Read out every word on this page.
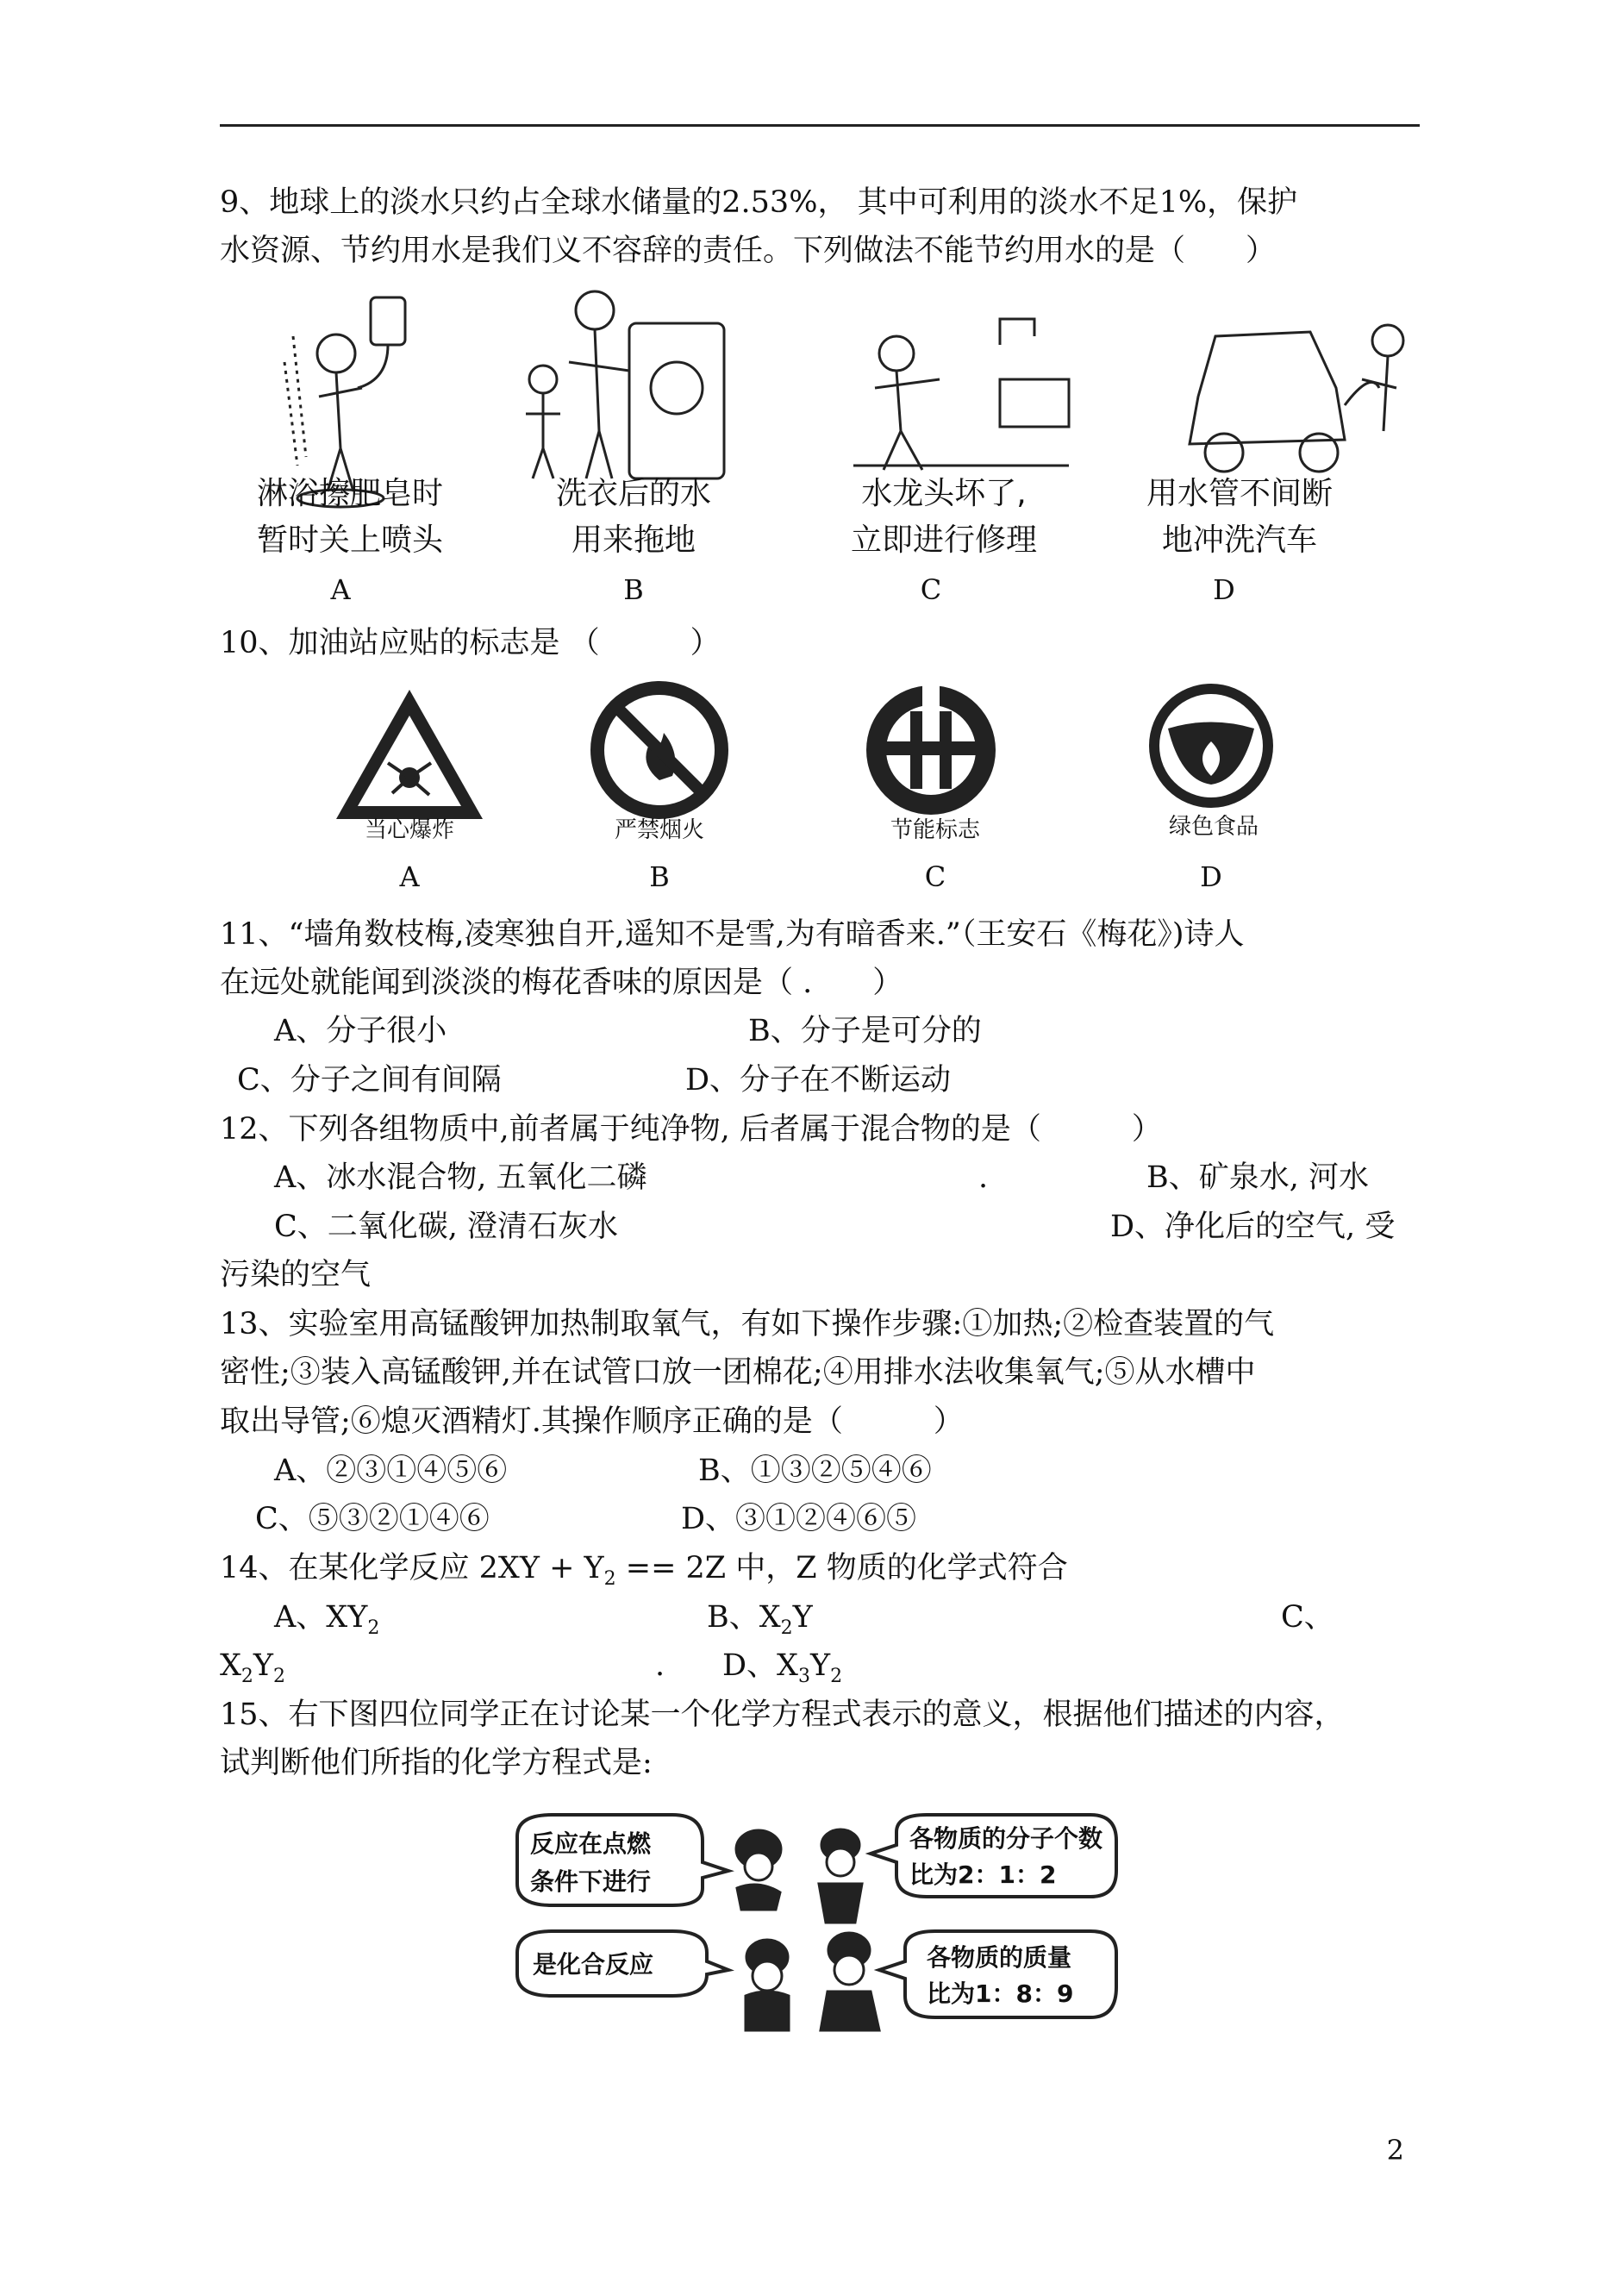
9、地球上的淡水只约占全球水储量的2.53%， 其中可利用的淡水不足1%，保护
水资源、节约用水是我们义不容辞的责任。下列做法不能节约用水的是（　　）
淋浴擦肥皂时
暂时关上喷头
洗衣后的水
用来拖地
水龙头坏了,
立即进行修理
用水管不间断
地冲洗汽车
A	B	C	D
10、加油站应贴的标志是 （　　　）
当心爆炸	严禁烟火	节能标志	绿色食品
A	B	C	D
11、“墙角数枝梅,凌寒独自开,遥知不是雪,为有暗香来.”（王安石《梅花》)诗人
在远处就能闻到淡淡的梅花香味的原因是（ .　　）
A、分子很小	B、分子是可分的
C、分子之间有间隔	D、分子在不断运动
12、下列各组物质中,前者属于纯净物, 后者属于混合物的是（　　　）
A、冰水混合物, 五氧化二磷	.	B、矿泉水, 河水
C、二氧化碳, 澄清石灰水	D、净化后的空气, 受
污染的空气
13、实验室用高锰酸钾加热制取氧气，有如下操作步骤:①加热;②检查装置的气
密性;③装入高锰酸钾,并在试管口放一团棉花;④用排水法收集氧气;⑤从水槽中
取出导管;⑥熄灭酒精灯.其操作顺序正确的是（　　　）
A、②③①④⑤⑥	B、①③②⑤④⑥
C、⑤③②①④⑥	D、③①②④⑥⑤
14、在某化学反应 $2XY + Y_2 == 2Z$ 中，Z 物质的化学式符合
A、$XY_2$	B、$X_2Y$	C、
$X_2Y_2$	. D、$X_3Y_2$
15、右下图四位同学正在讨论某一个化学方程式表示的意义，根据他们描述的内容，
试判断他们所指的化学方程式是:
反应在点燃
条件下进行
各物质的分子个数
比为2：1：2
是化合反应	各物质的质量
比为1：8：9
2
